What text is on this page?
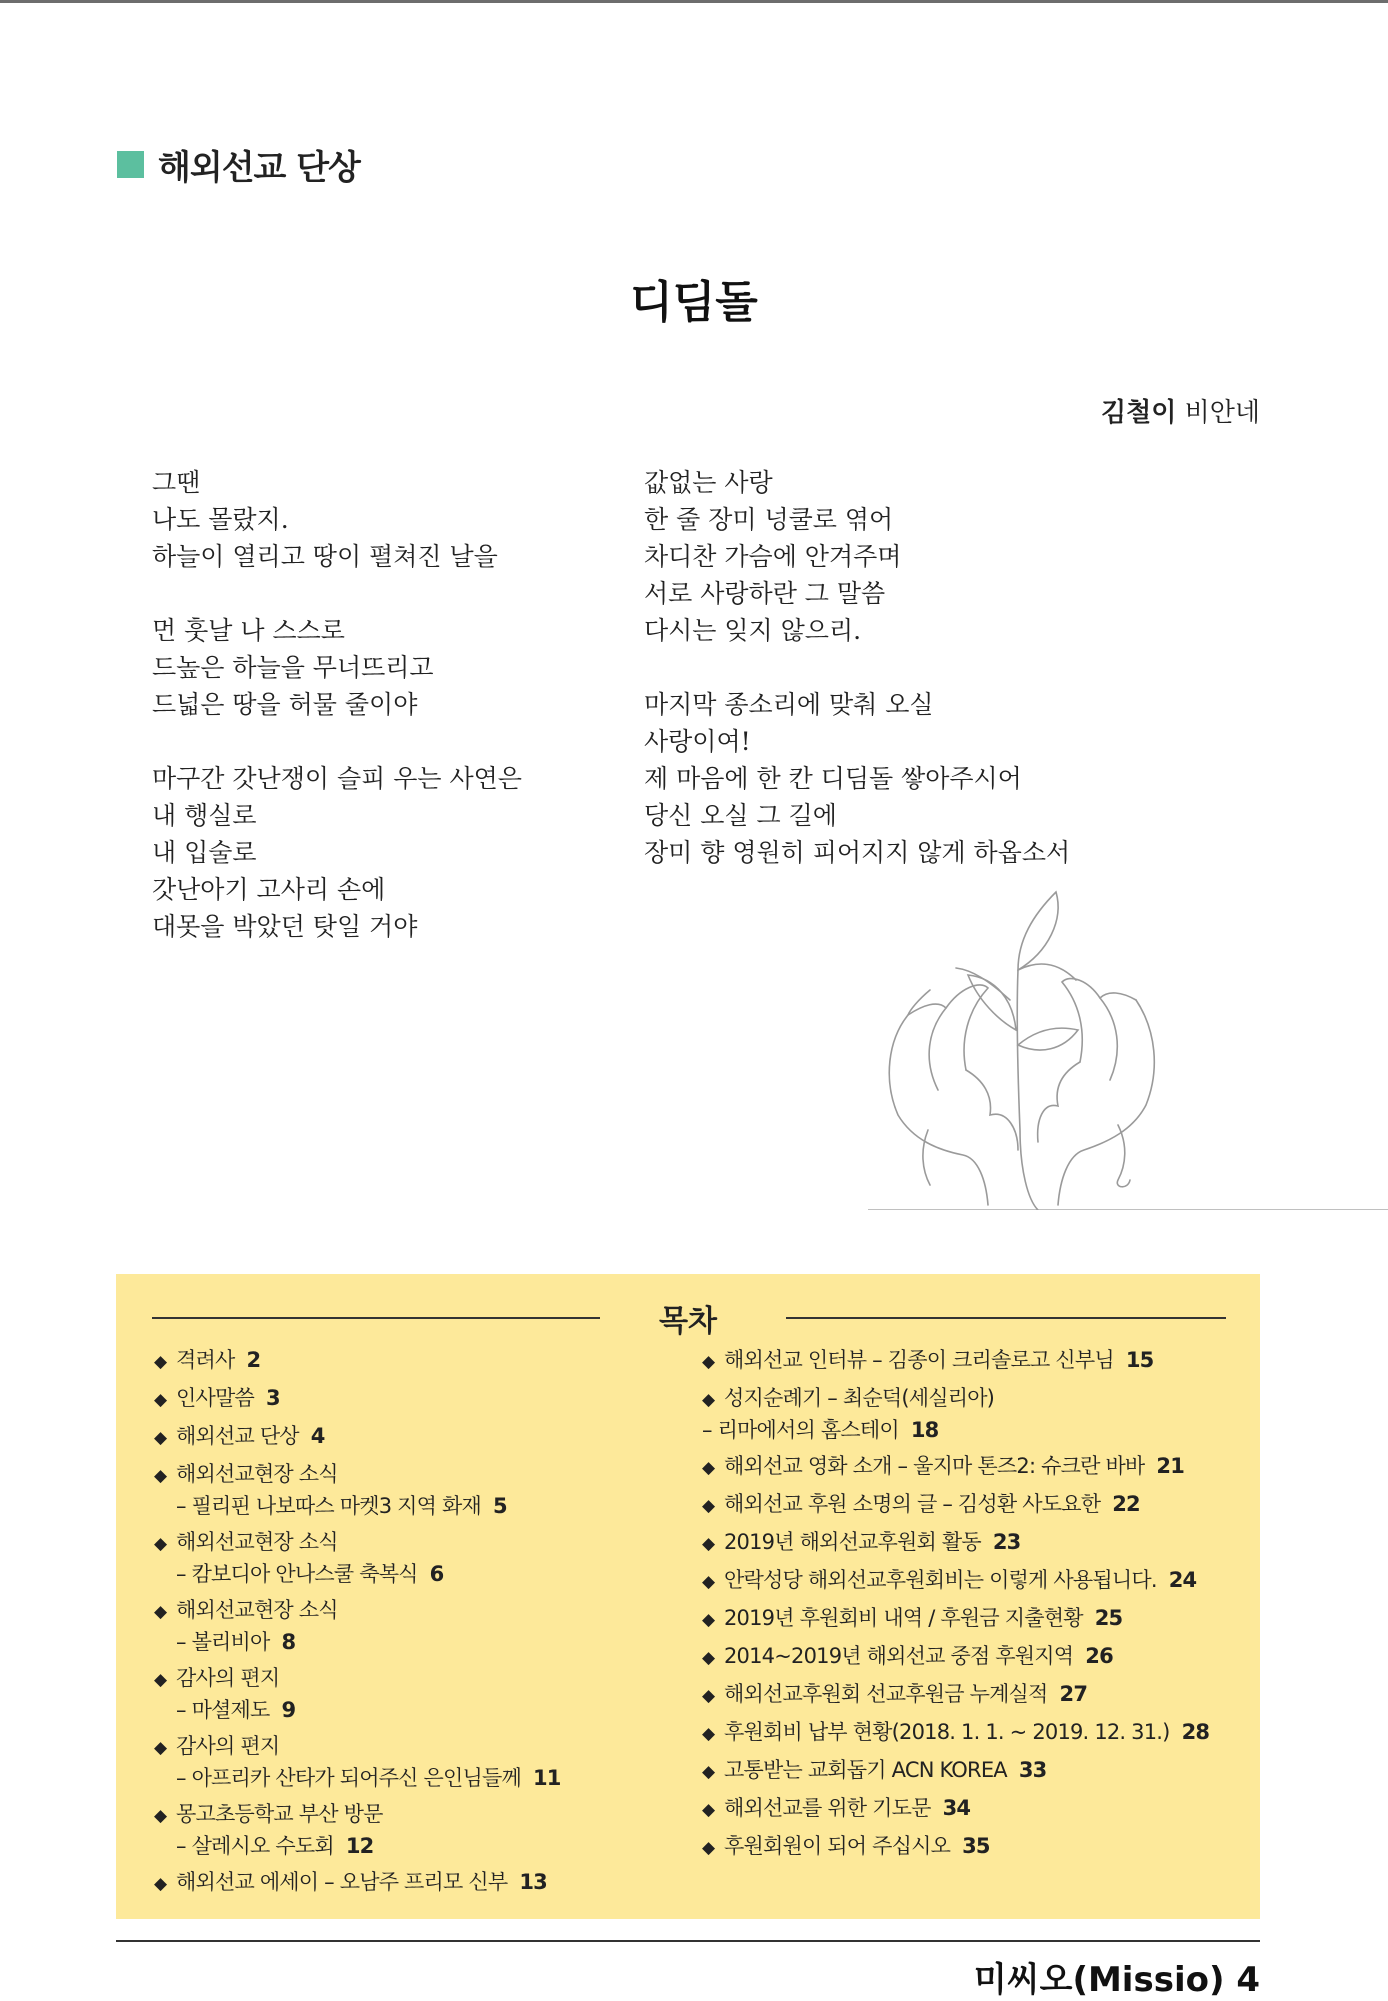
해외선교 단상
디딤돌
김철이 비안네
그땐
나도 몰랐지.
하늘이 열리고 땅이 펼쳐진 날을
먼 훗날 나 스스로
드높은 하늘을 무너뜨리고
드넓은 땅을 허물 줄이야
마구간 갓난쟁이 슬피 우는 사연은
내 행실로
내 입술로
갓난아기 고사리 손에
대못을 박았던 탓일 거야
값없는 사랑
한 줄 장미 넝쿨로 엮어
차디찬 가슴에 안겨주며
서로 사랑하란 그 말씀
다시는 잊지 않으리.
마지막 종소리에 맞춰 오실
사랑이여!
제 마음에 한 칸 디딤돌 쌓아주시어
당신 오실 그 길에
장미 향 영원히 피어지지 않게 하옵소서
목차
◆ 격려사 2
◆ 인사말씀 3
◆ 해외선교 단상 4
◆ 해외선교현장 소식
– 필리핀 나보따스 마켓3 지역 화재 5
◆ 해외선교현장 소식
– 캄보디아 안나스쿨 축복식 6
◆ 해외선교현장 소식
– 볼리비아 8
◆ 감사의 편지
– 마셜제도 9
◆ 감사의 편지
– 아프리카 산타가 되어주신 은인님들께 11
◆ 몽고초등학교 부산 방문
– 살레시오 수도회 12
◆ 해외선교 에세이 – 오남주 프리모 신부 13
◆ 해외선교 인터뷰 – 김종이 크리솔로고 신부님 15
◆ 성지순례기 – 최순덕(세실리아)
– 리마에서의 홈스테이 18
◆ 해외선교 영화 소개 – 울지마 톤즈2: 슈크란 바바 21
◆ 해외선교 후원 소명의 글 – 김성환 사도요한 22
◆ 2019년 해외선교후원회 활동 23
◆ 안락성당 해외선교후원회비는 이렇게 사용됩니다. 24
◆ 2019년 후원회비 내역 / 후원금 지출현황 25
◆ 2014~2019년 해외선교 중점 후원지역 26
◆ 해외선교후원회 선교후원금 누계실적 27
◆ 후원회비 납부 현황(2018. 1. 1. ~ 2019. 12. 31.) 28
◆ 고통받는 교회돕기 ACN KOREA 33
◆ 해외선교를 위한 기도문 34
◆ 후원회원이 되어 주십시오 35
미씨오(Missio) 4
